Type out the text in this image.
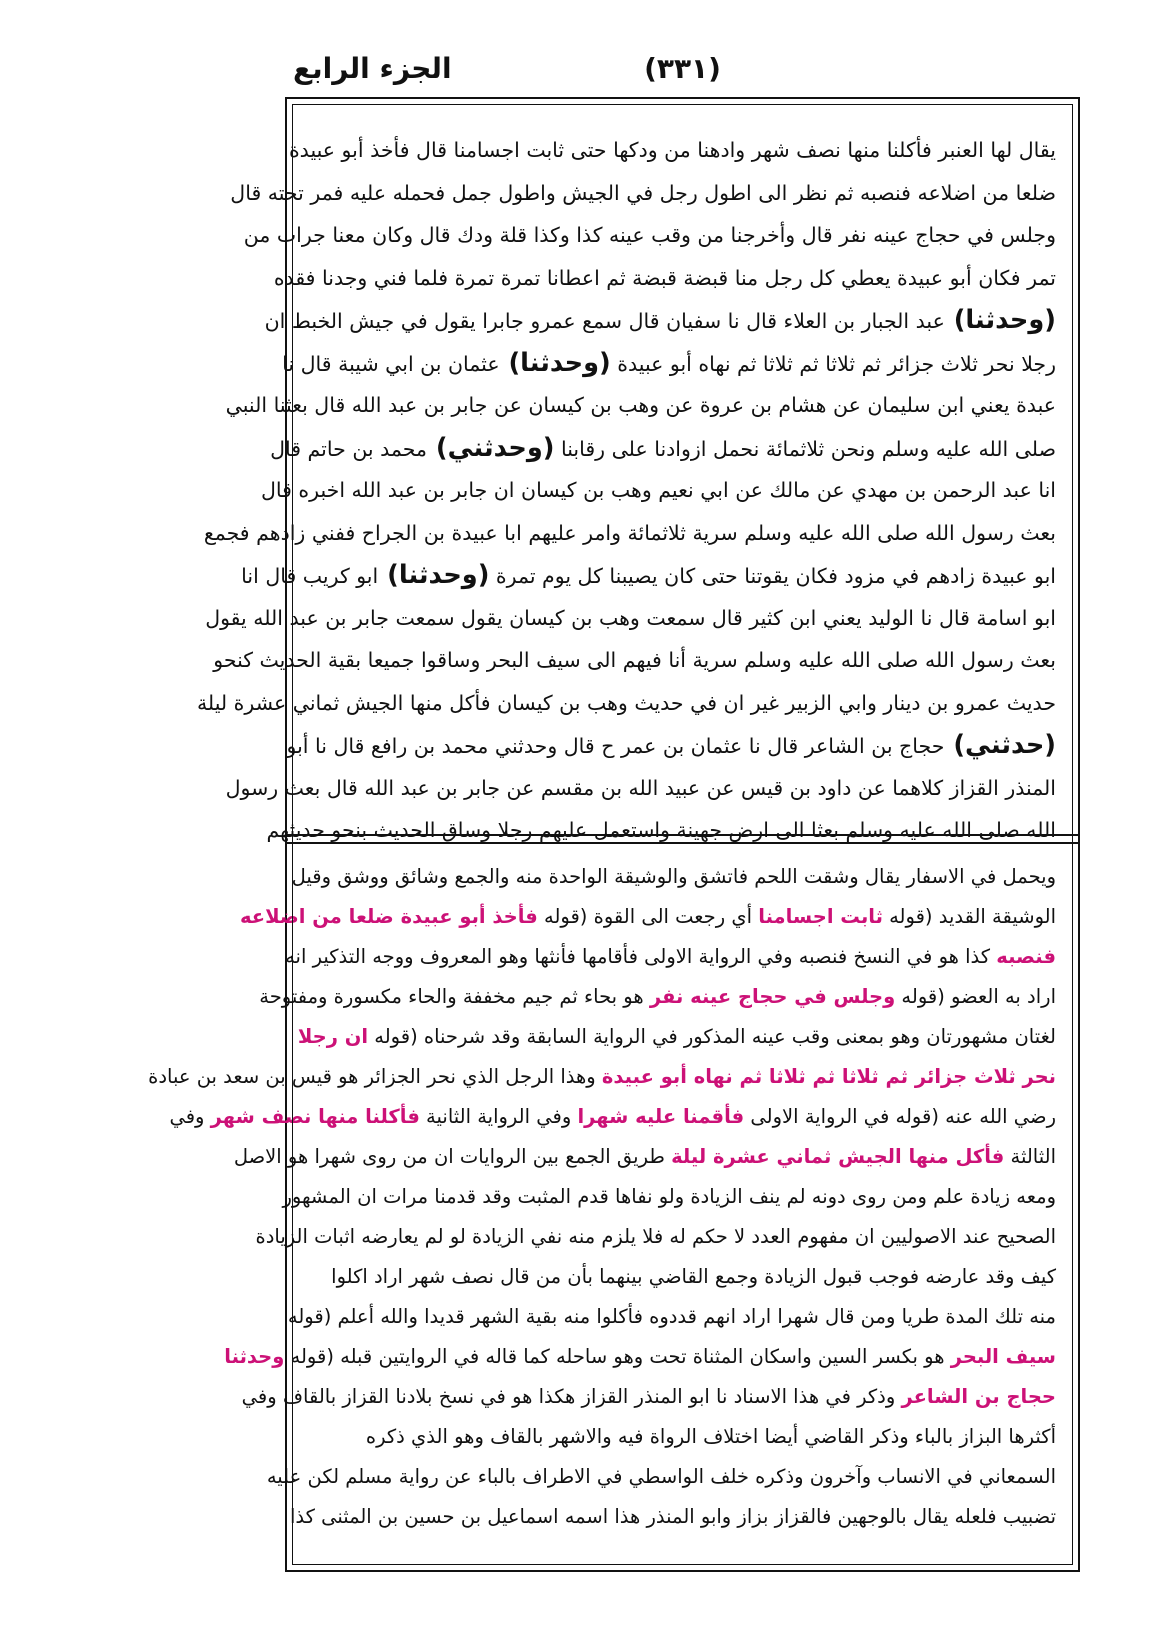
الجزء الرابع	(٣٣١)
يقال لها العنبر فأكلنا منها نصف شهر وادهنا من ودكها حتى ثابت اجسامنا قال فأخذ أبو عبيدة
ضلعا من اضلاعه فنصبه ثم نظر الى اطول رجل في الجيش واطول جمل فحمله عليه فمر تحته قال
وجلس في حجاج عينه نفر قال وأخرجنا من وقب عينه كذا وكذا قلة ودك قال وكان معنا جراب من
تمر فكان أبو عبيدة يعطي كل رجل منا قبضة قبضة ثم اعطانا تمرة تمرة فلما فني وجدنا فقده
(وحدثنا) عبد الجبار بن العلاء قال نا سفيان قال سمع عمرو جابرا يقول في جيش الخبط ان
رجلا نحر ثلاث جزائر ثم ثلاثا ثم ثلاثا ثم نهاه أبو عبيدة (وحدثنا) عثمان بن ابي شيبة قال نا
عبدة يعني ابن سليمان عن هشام بن عروة عن وهب بن كيسان عن جابر بن عبد الله قال بعثنا النبي
صلى الله عليه وسلم ونحن ثلاثمائة نحمل ازوادنا على رقابنا (وحدثني) محمد بن حاتم قال
انا عبد الرحمن بن مهدي عن مالك عن ابي نعيم وهب بن كيسان ان جابر بن عبد الله اخبره قال
بعث رسول الله صلى الله عليه وسلم سرية ثلاثمائة وامر عليهم ابا عبيدة بن الجراح ففني زادهم فجمع
ابو عبيدة زادهم في مزود فكان يقوتنا حتى كان يصيبنا كل يوم تمرة (وحدثنا) ابو كريب قال انا
ابو اسامة قال نا الوليد يعني ابن كثير قال سمعت وهب بن كيسان يقول سمعت جابر بن عبد الله يقول
بعث رسول الله صلى الله عليه وسلم سرية أنا فيهم الى سيف البحر وساقوا جميعا بقية الحديث كنحو
حديث عمرو بن دينار وابي الزبير غير ان في حديث وهب بن كيسان فأكل منها الجيش ثماني عشرة ليلة
(حدثني) حجاج بن الشاعر قال نا عثمان بن عمر ح قال وحدثني محمد بن رافع قال نا أبو
المنذر القزاز كلاهما عن داود بن قيس عن عبيد الله بن مقسم عن جابر بن عبد الله قال بعث رسول
الله صلى الله عليه وسلم بعثا الى ارض جهينة واستعمل عليهم رجلا وساق الحديث بنحو حديثهم
ويحمل في الاسفار يقال وشقت اللحم فاتشق والوشيقة الواحدة منه والجمع وشائق ووشق وقيل
الوشيقة القديد (قوله ثابت اجسامنا أي رجعت الى القوة (قوله فأخذ أبو عبيدة ضلعا من اضلاعه
فنصبه كذا هو في النسخ فنصبه وفي الرواية الاولى فأقامها فأنثها وهو المعروف ووجه التذكير انه
اراد به العضو (قوله وجلس في حجاج عينه نفر هو بحاء ثم جيم مخففة والحاء مكسورة ومفتوحة
لغتان مشهورتان وهو بمعنى وقب عينه المذكور في الرواية السابقة وقد شرحناه (قوله ان رجلا
نحر ثلاث جزائر ثم ثلاثا ثم ثلاثا ثم نهاه أبو عبيدة وهذا الرجل الذي نحر الجزائر هو قيس بن سعد بن عبادة
رضي الله عنه (قوله في الرواية الاولى فأقمنا عليه شهرا وفي الرواية الثانية فأكلنا منها نصف شهر وفي
الثالثة فأكل منها الجيش ثماني عشرة ليلة طريق الجمع بين الروايات ان من روى شهرا هو الاصل
ومعه زيادة علم ومن روى دونه لم ينف الزيادة ولو نفاها قدم المثبت وقد قدمنا مرات ان المشهور
الصحيح عند الاصوليين ان مفهوم العدد لا حكم له فلا يلزم منه نفي الزيادة لو لم يعارضه اثبات الزيادة
كيف وقد عارضه فوجب قبول الزيادة وجمع القاضي بينهما بأن من قال نصف شهر اراد اكلوا
منه تلك المدة طريا ومن قال شهرا اراد انهم قددوه فأكلوا منه بقية الشهر قديدا والله أعلم (قوله
سيف البحر هو بكسر السين واسكان المثناة تحت وهو ساحله كما قاله في الروايتين قبله (قوله وحدثنا
حجاج بن الشاعر وذكر في هذا الاسناد نا ابو المنذر القزاز هكذا هو في نسخ بلادنا القزاز بالقاف وفي
أكثرها البزاز بالباء وذكر القاضي أيضا اختلاف الرواة فيه والاشهر بالقاف وهو الذي ذكره
السمعاني في الانساب وآخرون وذكره خلف الواسطي في الاطراف بالباء عن رواية مسلم لكن عليه
تضبيب فلعله يقال بالوجهين فالقزاز بزاز وابو المنذر هذا اسمه اسماعيل بن حسين بن المثنى كذا
